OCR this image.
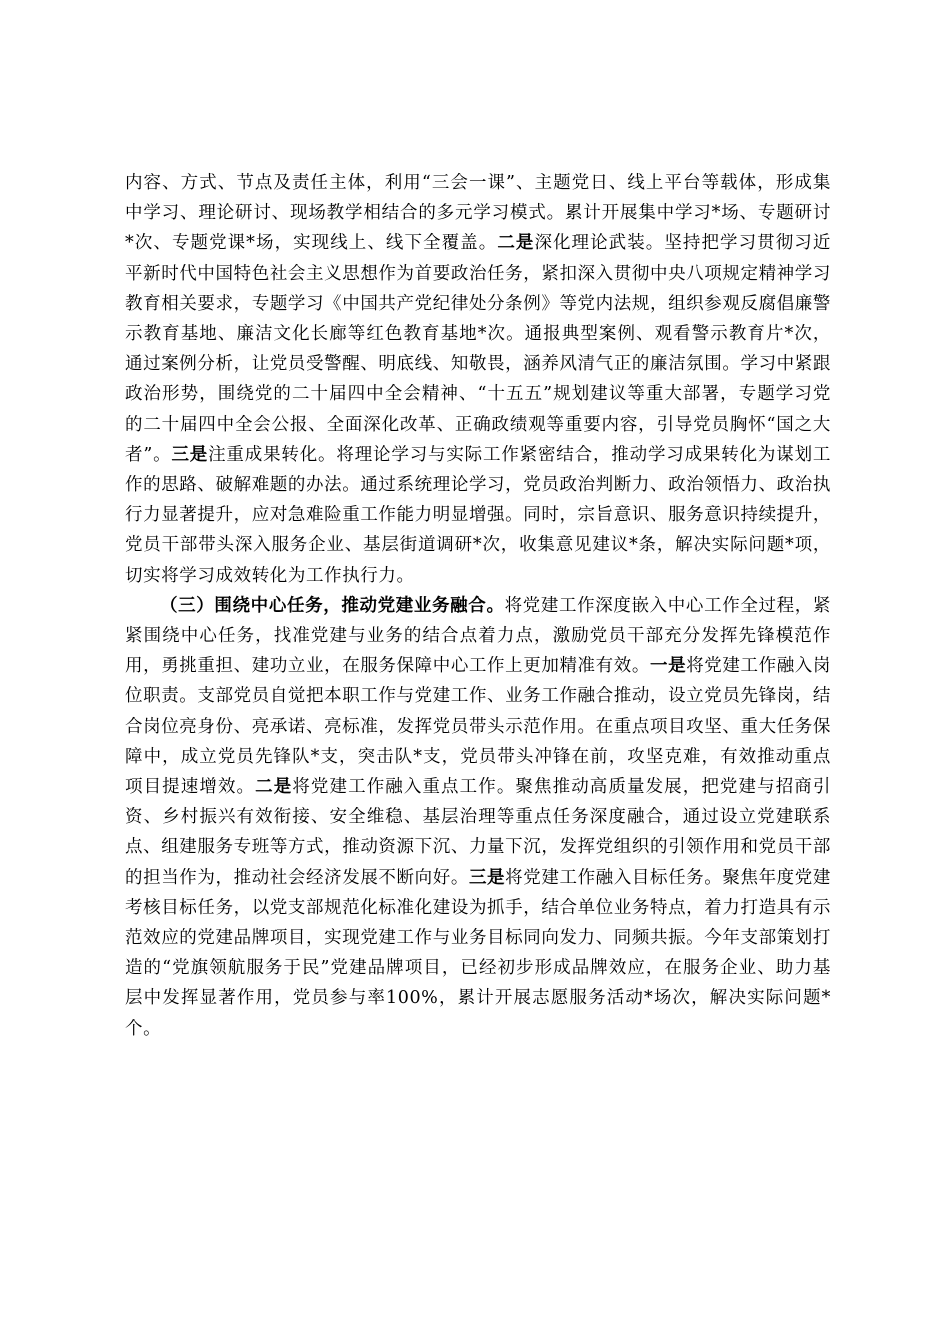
内容、方式、节点及责任主体，利用“三会一课”、主题党日、线上平台等载体，形成集中学习、理论研讨、现场教学相结合的多元学习模式。累计开展集中学习*场、专题研讨*次、专题党课*场，实现线上、线下全覆盖。二是深化理论武装。坚持把学习贯彻习近平新时代中国特色社会主义思想作为首要政治任务，紧扣深入贯彻中央八项规定精神学习教育相关要求，专题学习《中国共产党纪律处分条例》等党内法规，组织参观反腐倡廉警示教育基地、廉洁文化长廊等红色教育基地*次。通报典型案例、观看警示教育片*次，通过案例分析，让党员受警醒、明底线、知敬畏，涵养风清气正的廉洁氛围。学习中紧跟政治形势，围绕党的二十届四中全会精神、“十五五”规划建议等重大部署，专题学习党的二十届四中全会公报、全面深化改革、正确政绩观等重要内容，引导党员胸怀“国之大者”。三是注重成果转化。将理论学习与实际工作紧密结合，推动学习成果转化为谋划工作的思路、破解难题的办法。通过系统理论学习，党员政治判断力、政治领悟力、政治执行力显著提升，应对急难险重工作能力明显增强。同时，宗旨意识、服务意识持续提升，党员干部带头深入服务企业、基层街道调研*次，收集意见建议*条，解决实际问题*项，切实将学习成效转化为工作执行力。

（三）围绕中心任务，推动党建业务融合。将党建工作深度嵌入中心工作全过程，紧紧围绕中心任务，找准党建与业务的结合点着力点，激励党员干部充分发挥先锋模范作用，勇挑重担、建功立业，在服务保障中心工作上更加精准有效。一是将党建工作融入岗位职责。支部党员自觉把本职工作与党建工作、业务工作融合推动，设立党员先锋岗，结合岗位亮身份、亮承诺、亮标准，发挥党员带头示范作用。在重点项目攻坚、重大任务保障中，成立党员先锋队*支，突击队*支，党员带头冲锋在前，攻坚克难，有效推动重点项目提速增效。二是将党建工作融入重点工作。聚焦推动高质量发展，把党建与招商引资、乡村振兴有效衔接、安全维稳、基层治理等重点任务深度融合，通过设立党建联系点、组建服务专班等方式，推动资源下沉、力量下沉，发挥党组织的引领作用和党员干部的担当作为，推动社会经济发展不断向好。三是将党建工作融入目标任务。聚焦年度党建考核目标任务，以党支部规范化标准化建设为抓手，结合单位业务特点，着力打造具有示范效应的党建品牌项目，实现党建工作与业务目标同向发力、同频共振。今年支部策划打造的“党旗领航服务于民”党建品牌项目，已经初步形成品牌效应，在服务企业、助力基层中发挥显著作用，党员参与率100%，累计开展志愿服务活动*场次，解决实际问题*个。
